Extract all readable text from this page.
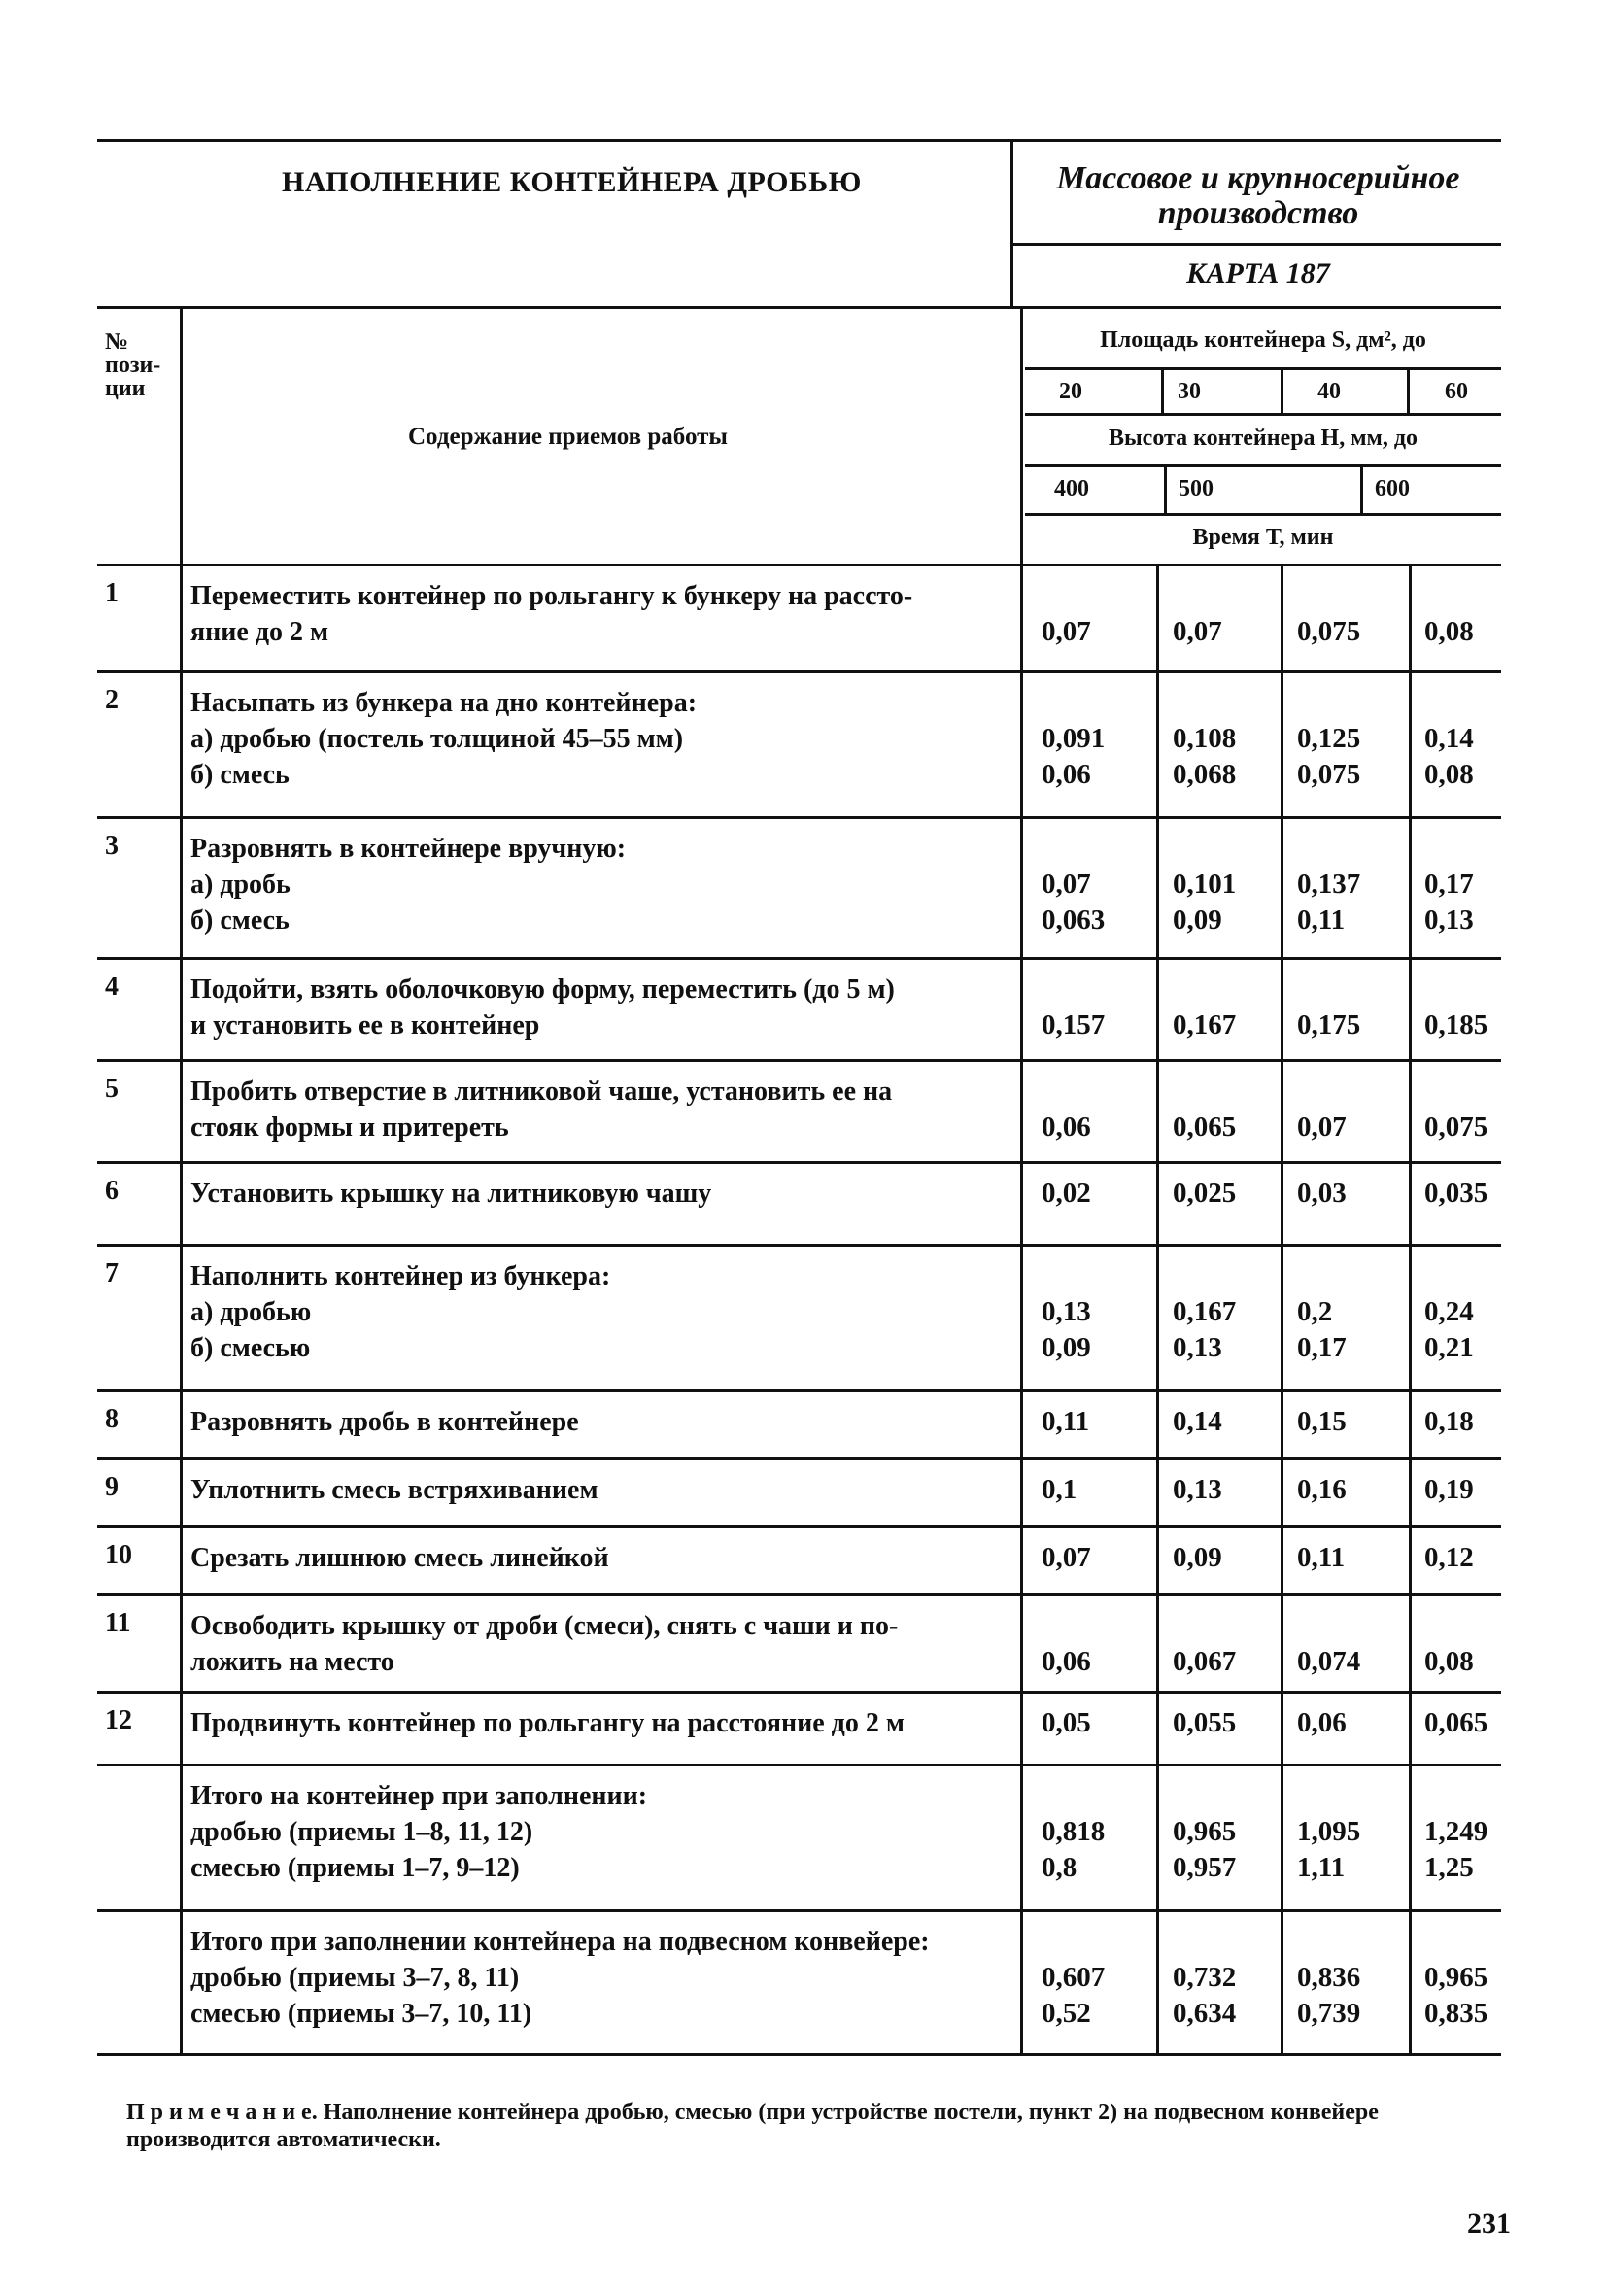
НАПОЛНЕНИЕ КОНТЕЙНЕРА ДРОБЬЮ	Массовое и крупносерийное
производство
КАРТА 187
№ пози- ции
Содержание приемов работы
Площадь контейнера S, дм², до
20	30	40	60
Высота контейнера Н, мм, до
400	500	600
Время Т, мин
1	Переместить контейнер по рольгангу к бункеру на рассто-
яние до 2 м	0,07	0,07	0,075 0,08
2	Насыпать из бункера на дно контейнера:
а) дробью (постель толщиной 45–55 мм)
б) смесь
0,091 0,108 0,125 0,14
0,06	0,068 0,075 0,08
3	Разровнять в контейнере вручную:
а) дробь
б) смесь
0,07	0,101 0,137 0,17
0,063 0,09	0,11	0,13
4	Подойти, взять оболочковую форму, переместить (до 5 м)
и установить ее в контейнер	0,157 0,167 0,175 0,185
5	Пробить отверстие в литниковой чаше, установить ее на
стояк формы и притереть	0,06	0,065 0,07	0,075
6	Установить крышку на литниковую чашу	0,02	0,025 0,03	0,035
7	Наполнить контейнер из бункера:
а) дробью
б) смесью
0,13	0,167 0,2	0,24
0,09	0,13	0,17	0,21
8	Разровнять дробь в контейнере	0,11	0,14	0,15	0,18
9	Уплотнить смесь встряхиванием	0,1	0,13	0,16	0,19
10 Срезать лишнюю смесь линейкой	0,07	0,09	0,11	0,12
11 Освободить крышку от дроби (смеси), снять с чаши и по-
ложить на место	0,06	0,067 0,074 0,08
12 Продвинуть контейнер по рольгангу на расстояние до 2 м	0,05	0,055 0,06	0,065
Итого на контейнер при заполнении:
дробью (приемы 1–8, 11, 12)
смесью (приемы 1–7, 9–12)
0,818 0,965 1,095 1,249
0,8	0,957 1,11	1,25
Итого при заполнении контейнера на подвесном конвейере:
дробью (приемы 3–7, 8, 11)
смесью (приемы 3–7, 10, 11)
0,607 0,732 0,836 0,965
0,52	0,634 0,739 0,835
П р и м е ч а н и е. Наполнение контейнера дробью, смесью (при устройстве постели, пункт 2) на подвесном конвейере производится автоматически.
231
